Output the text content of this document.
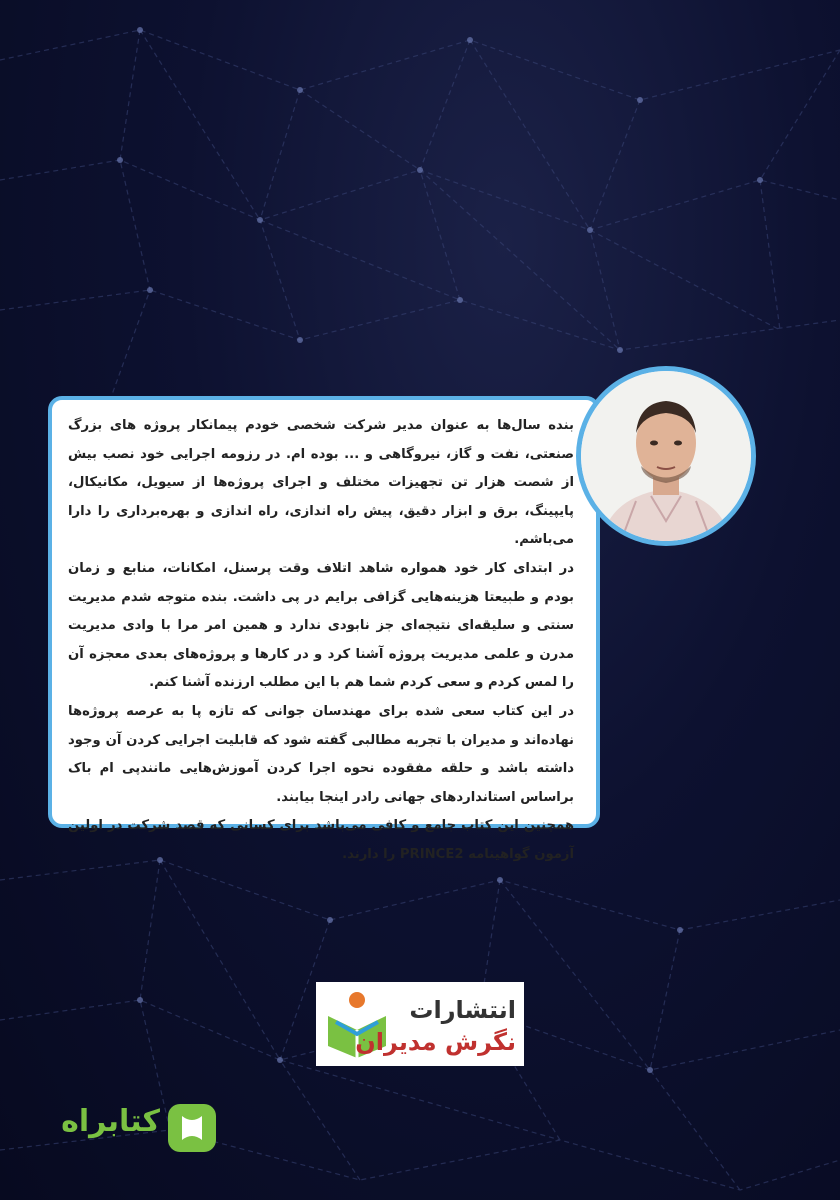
بنده سال‌ها به عنوان مدیر شرکت شخصی خودم پیمانکار پروژه های بزرگ صنعتی، نفت و گاز، نیروگاهی و ... بوده ام. در رزومه اجرایی خود نصب بیش از شصت هزار تن تجهیزات مختلف و اجرای پروژه‌ها از سیویل، مکانیکال، پایپینگ، برق و ابزار دقیق، پیش راه اندازی، راه اندازی و بهره‌برداری را دارا می‌باشم.

در ابتدای کار خود همواره شاهد اتلاف وقت پرسنل، امکانات، منابع و زمان بودم و طبیعتا هزینه‌هایی گزافی برایم در پی داشت. بنده متوجه شدم مدیریت سنتی و سلیقه‌ای نتیجه‌ای جز نابودی ندارد و همین امر مرا با وادی مدیریت مدرن و علمی مدیریت پروژه آشنا کرد و در کارها و پروژه‌های بعدی معجزه آن را لمس کردم و سعی کردم شما هم با این مطلب ارزنده آشنا کنم.

در این کتاب سعی شده برای مهندسان جوانی که تازه پا به عرصه پروژه‌ها نهاده‌اند و مدیران با تجربه مطالبی گفته شود که قابلیت اجرایی کردن آن وجود داشته باشد و حلقه مفقوده نحوه اجرا کردن آموزش‌هایی مانندپی ام باک براساس استانداردهای جهانی رادر اینجا بیابند.

همچنین این کتاب جامع و کافی می‌باشد برای کسانی که قصد شرکت در اولین آزمون گواهینامه PRINCE2 را دارند.

انتشارات
نگرش مدیران
کتابراه
